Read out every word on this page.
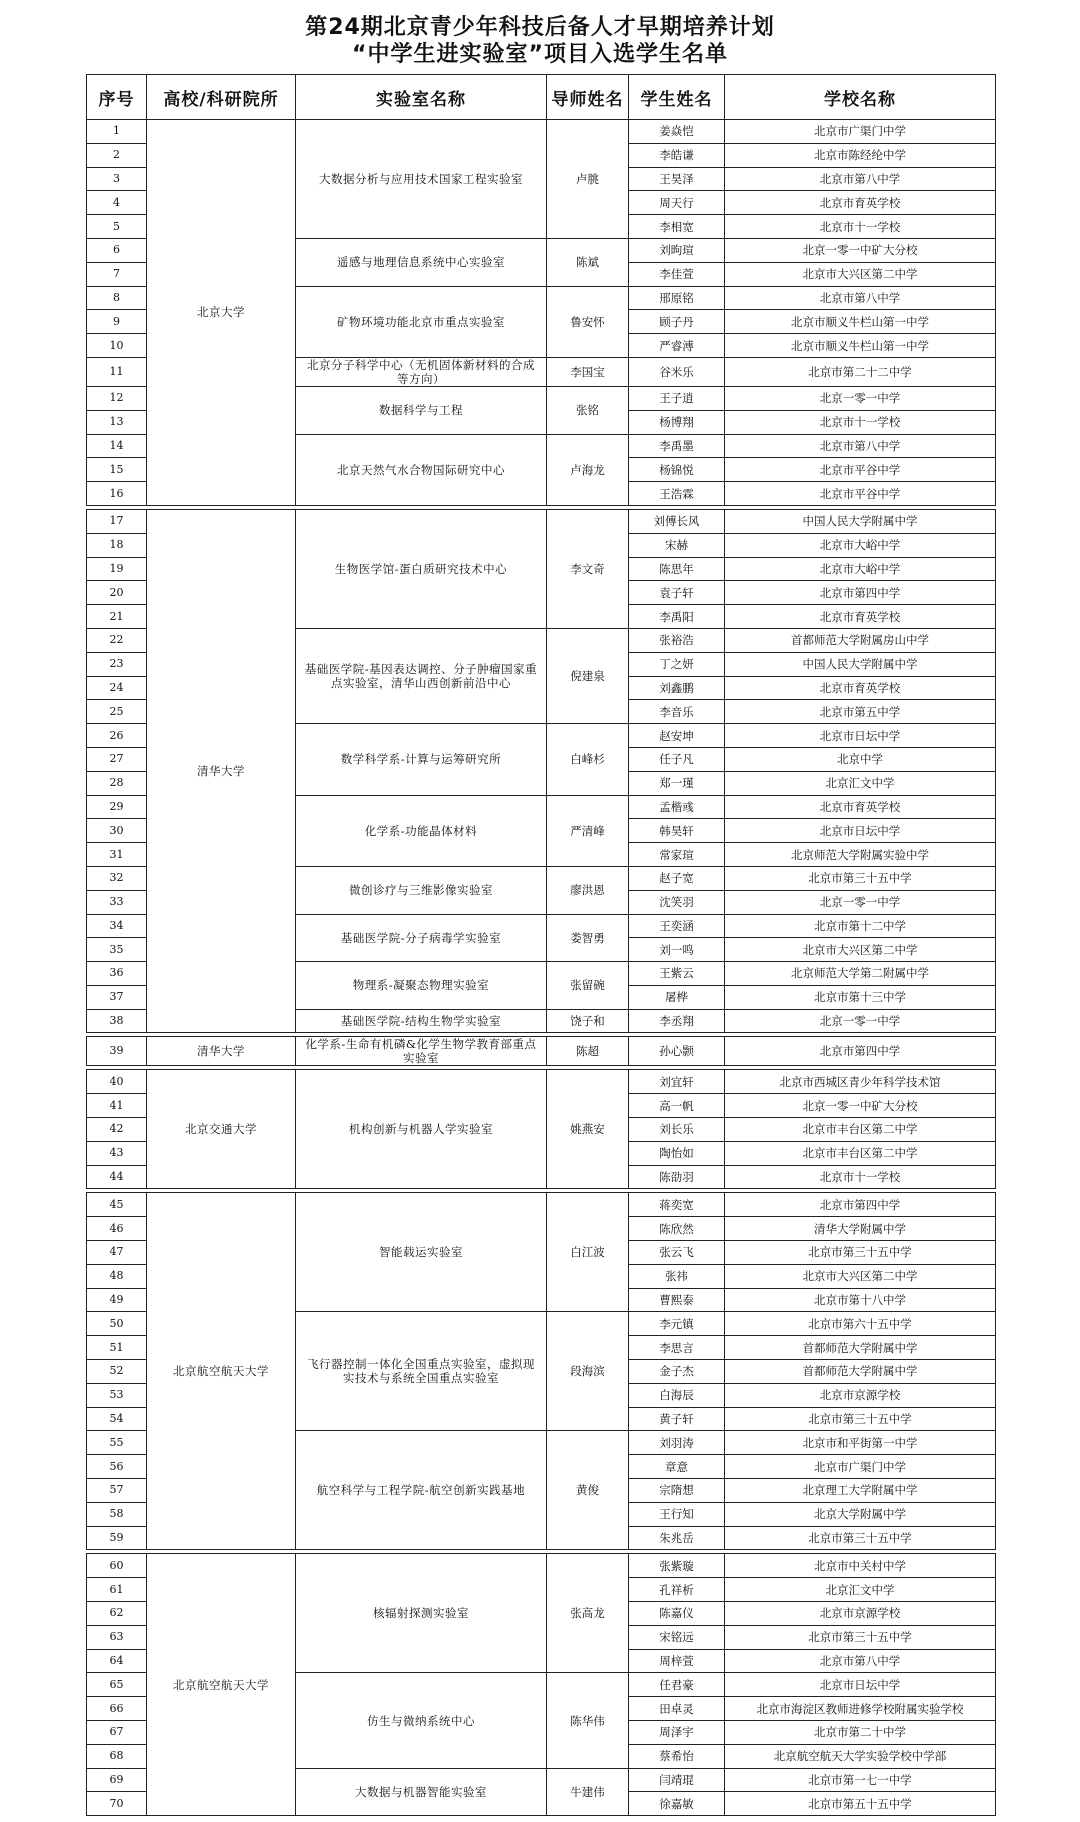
第24期北京青少年科技后备人才早期培养计划
“中学生进实验室”项目入选学生名单
序号	高校/科研院所	实验室名称	导师姓名	学生姓名	学校名称
1	北京大学	大数据分析与应用技术国家工程实验室	卢朓	姜焱恺	北京市广渠门中学
2				李皓谦	北京市陈经纶中学
3				王昊泽	北京市第八中学
4				周天行	北京市育英学校
5				李相宽	北京市十一学校
6		遥感与地理信息系统中心实验室	陈斌	刘昫瑄	北京一零一中矿大分校
7				李佳萱	北京市大兴区第二中学
8		矿物环境功能北京市重点实验室	鲁安怀	邢原铭	北京市第八中学
9				顾子丹	北京市顺义牛栏山第一中学
10				严睿溥	北京市顺义牛栏山第一中学
11		北京分子科学中心（无机固体新材料的合成等方向）	李国宝	谷米乐	北京市第二十二中学
12		数据科学与工程	张铭	王子逍	北京一零一中学
13				杨博翔	北京市十一学校
14		北京天然气水合物国际研究中心	卢海龙	李禹墨	北京市第八中学
15				杨锦悦	北京市平谷中学
16				王浩霖	北京市平谷中学

17	清华大学	生物医学馆-蛋白质研究技术中心	李文奇	刘傅长风	中国人民大学附属中学
18				宋赫	北京市大峪中学
19				陈思年	北京市大峪中学
20				袁子轩	北京市第四中学
21				李禹阳	北京市育英学校
22		基础医学院-基因表达调控、分子肿瘤国家重点实验室，清华山西创新前沿中心	倪建泉	张裕浩	首都师范大学附属房山中学
23				丁之妍	中国人民大学附属中学
24				刘鑫鹏	北京市育英学校
25				李音乐	北京市第五中学
26		数学科学系-计算与运筹研究所	白峰杉	赵安坤	北京市日坛中学
27				任子凡	北京中学
28				郑一瑾	北京汇文中学
29		化学系-功能晶体材料	严清峰	孟楷彧	北京市育英学校
30				韩昊轩	北京市日坛中学
31				常家瑄	北京师范大学附属实验中学
32		微创诊疗与三维影像实验室	廖洪恩	赵子宽	北京市第三十五中学
33				沈笑羽	北京一零一中学
34		基础医学院-分子病毒学实验室	娄智勇	王奕涵	北京市第十二中学
35				刘一鸣	北京市大兴区第二中学
36		物理系-凝聚态物理实验室	张留碗	王紫云	北京师范大学第二附属中学
37				屠桦	北京市第十三中学
38		基础医学院-结构生物学实验室	饶子和	李丞翔	北京一零一中学

39	清华大学	化学系-生命有机磷&化学生物学教育部重点实验室	陈超	孙心颢	北京市第四中学

40	北京交通大学	机构创新与机器人学实验室	姚燕安	刘宜轩	北京市西城区青少年科学技术馆
41				高一帆	北京一零一中矿大分校
42				刘长乐	北京市丰台区第二中学
43				陶怡如	北京市丰台区第二中学
44				陈劭羽	北京市十一学校

45	北京航空航天大学	智能载运实验室	白江波	蒋奕宽	北京市第四中学
46				陈欣然	清华大学附属中学
47				张云飞	北京市第三十五中学
48				张祎	北京市大兴区第二中学
49				曹熙泰	北京市第十八中学
50		飞行器控制一体化全国重点实验室，虚拟现实技术与系统全国重点实验室	段海滨	李元镇	北京市第六十五中学
51				李思言	首都师范大学附属中学
52				金子杰	首都师范大学附属中学
53				白海辰	北京市京源学校
54				黄子轩	北京市第三十五中学
55		航空科学与工程学院-航空创新实践基地	黄俊	刘羽涛	北京市和平街第一中学
56				章意	北京市广渠门中学
57				宗隋想	北京理工大学附属中学
58				王行知	北京大学附属中学
59				朱兆岳	北京市第三十五中学

60	北京航空航天大学	核辐射探测实验室	张高龙	张紫璇	北京市中关村中学
61				孔祥析	北京汇文中学
62				陈嘉仪	北京市京源学校
63				宋铭远	北京市第三十五中学
64				周梓萱	北京市第八中学
65		仿生与微纳系统中心	陈华伟	任君豪	北京市日坛中学
66				田卓灵	北京市海淀区教师进修学校附属实验学校
67				周泽宇	北京市第二十中学
68				蔡希怡	北京航空航天大学实验学校中学部
69		大数据与机器智能实验室	牛建伟	闫靖琨	北京市第一七一中学
70				徐嘉敏	北京市第五十五中学
